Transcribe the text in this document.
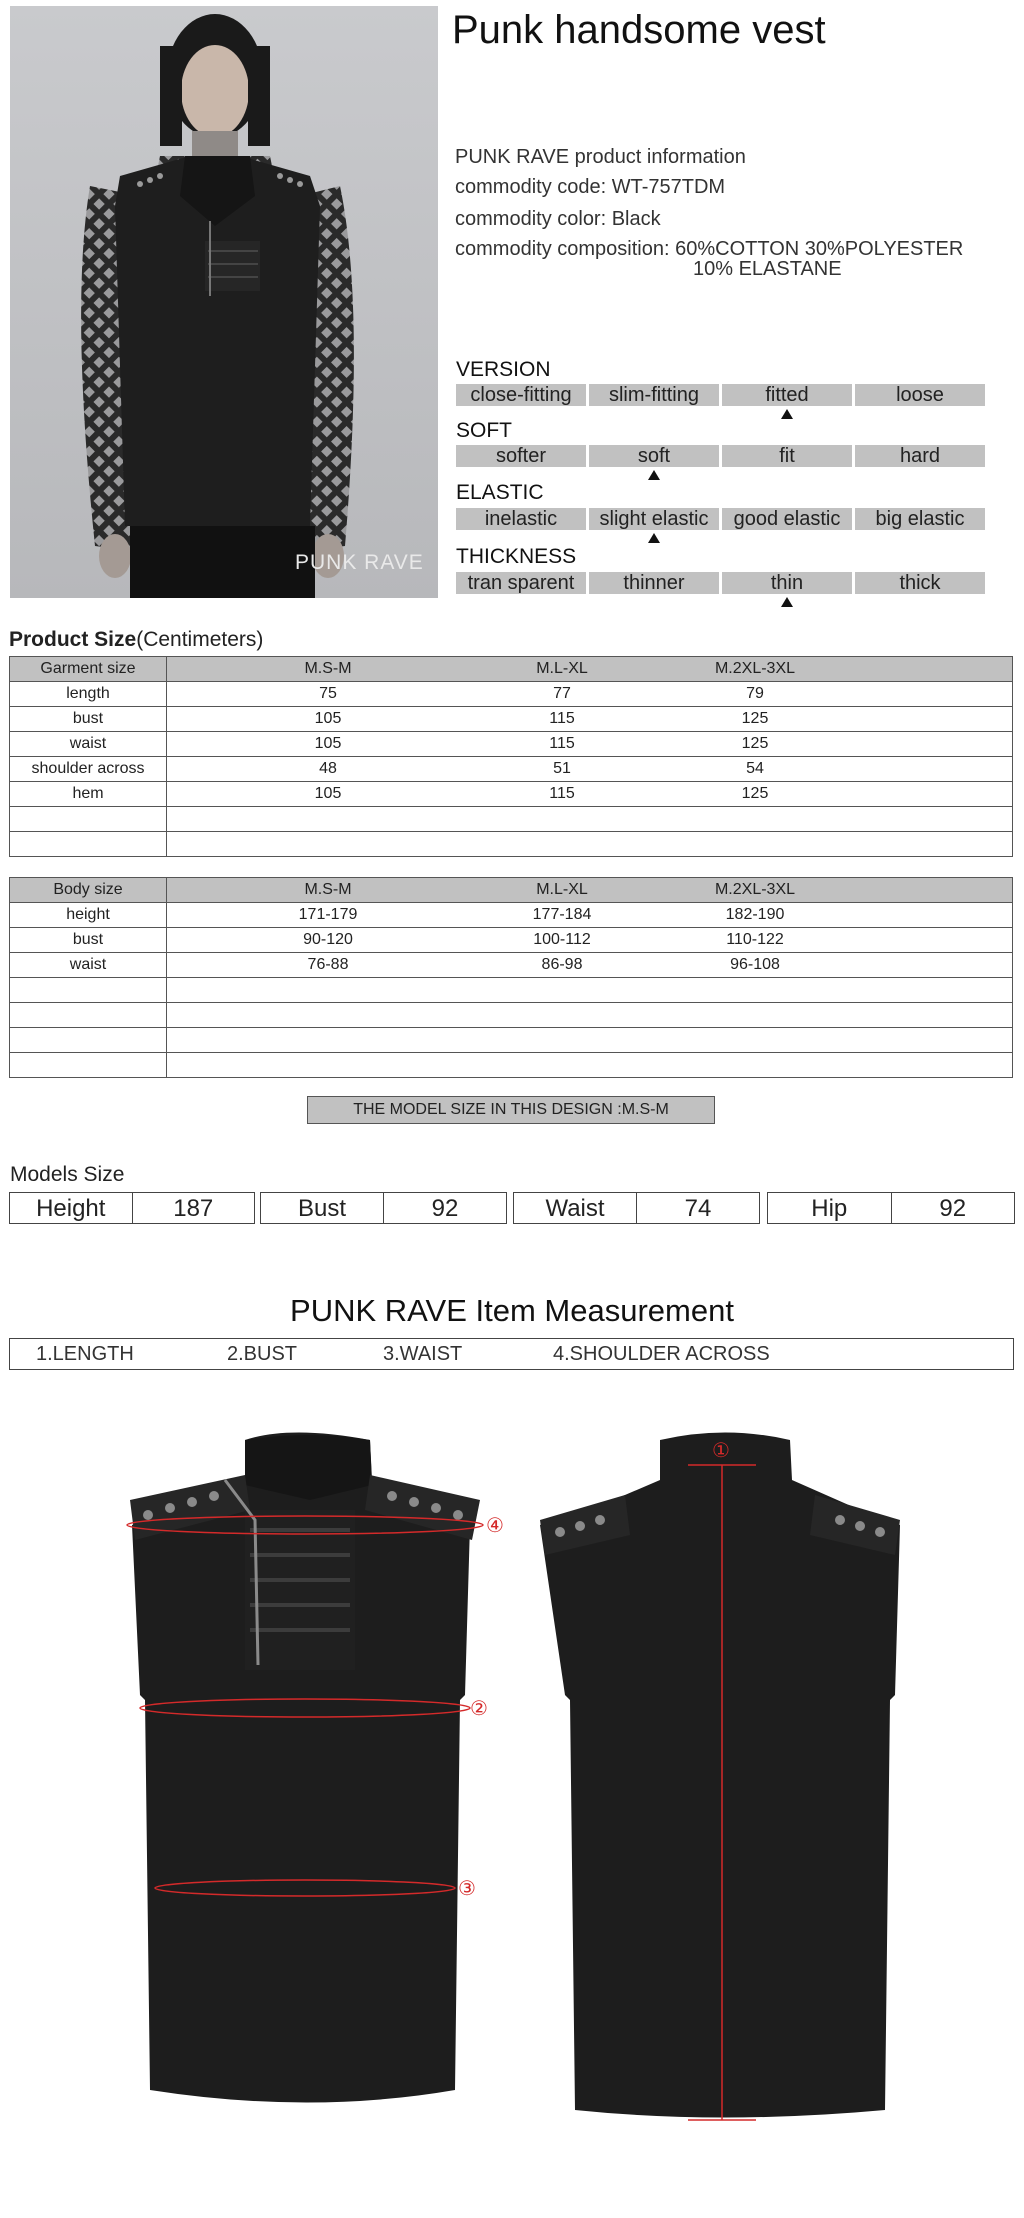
PUNK RAVE
Punk handsome vest
PUNK RAVE product information
commodity code: WT-757TDM
commodity color: Black
commodity composition: 60%COTTON 30%POLYESTER
10% ELASTANE
VERSION
SOFT
ELASTIC
THICKNESS
close-fitting	slim-fitting	fitted	loose
softer	soft	fit	hard
inelastic	slight elastic	good elastic	big elastic
tran sparent	thinner	thin	thick
Product Size(Centimeters)
Garment size	M.S-M M.L-XL M.2XL-3XL

length	75 77 79

bust	105 115 125

waist	105 115 125

shoulder across	48 51 54

hem	105 115 125

Body size	M.S-M M.L-XL M.2XL-3XL

height	171-179 177-184 182-190

bust	90-120 100-112 110-122

waist	76-88 86-98 96-108

THE MODEL SIZE IN THIS DESIGN :M.S-M
Models Size
Height	187	Bust	92	Waist	74	Hip	92
PUNK RAVE Item Measurement
1.LENGTH	2.BUST	3.WAIST	4.SHOULDER ACROSS
④
②
③
①
